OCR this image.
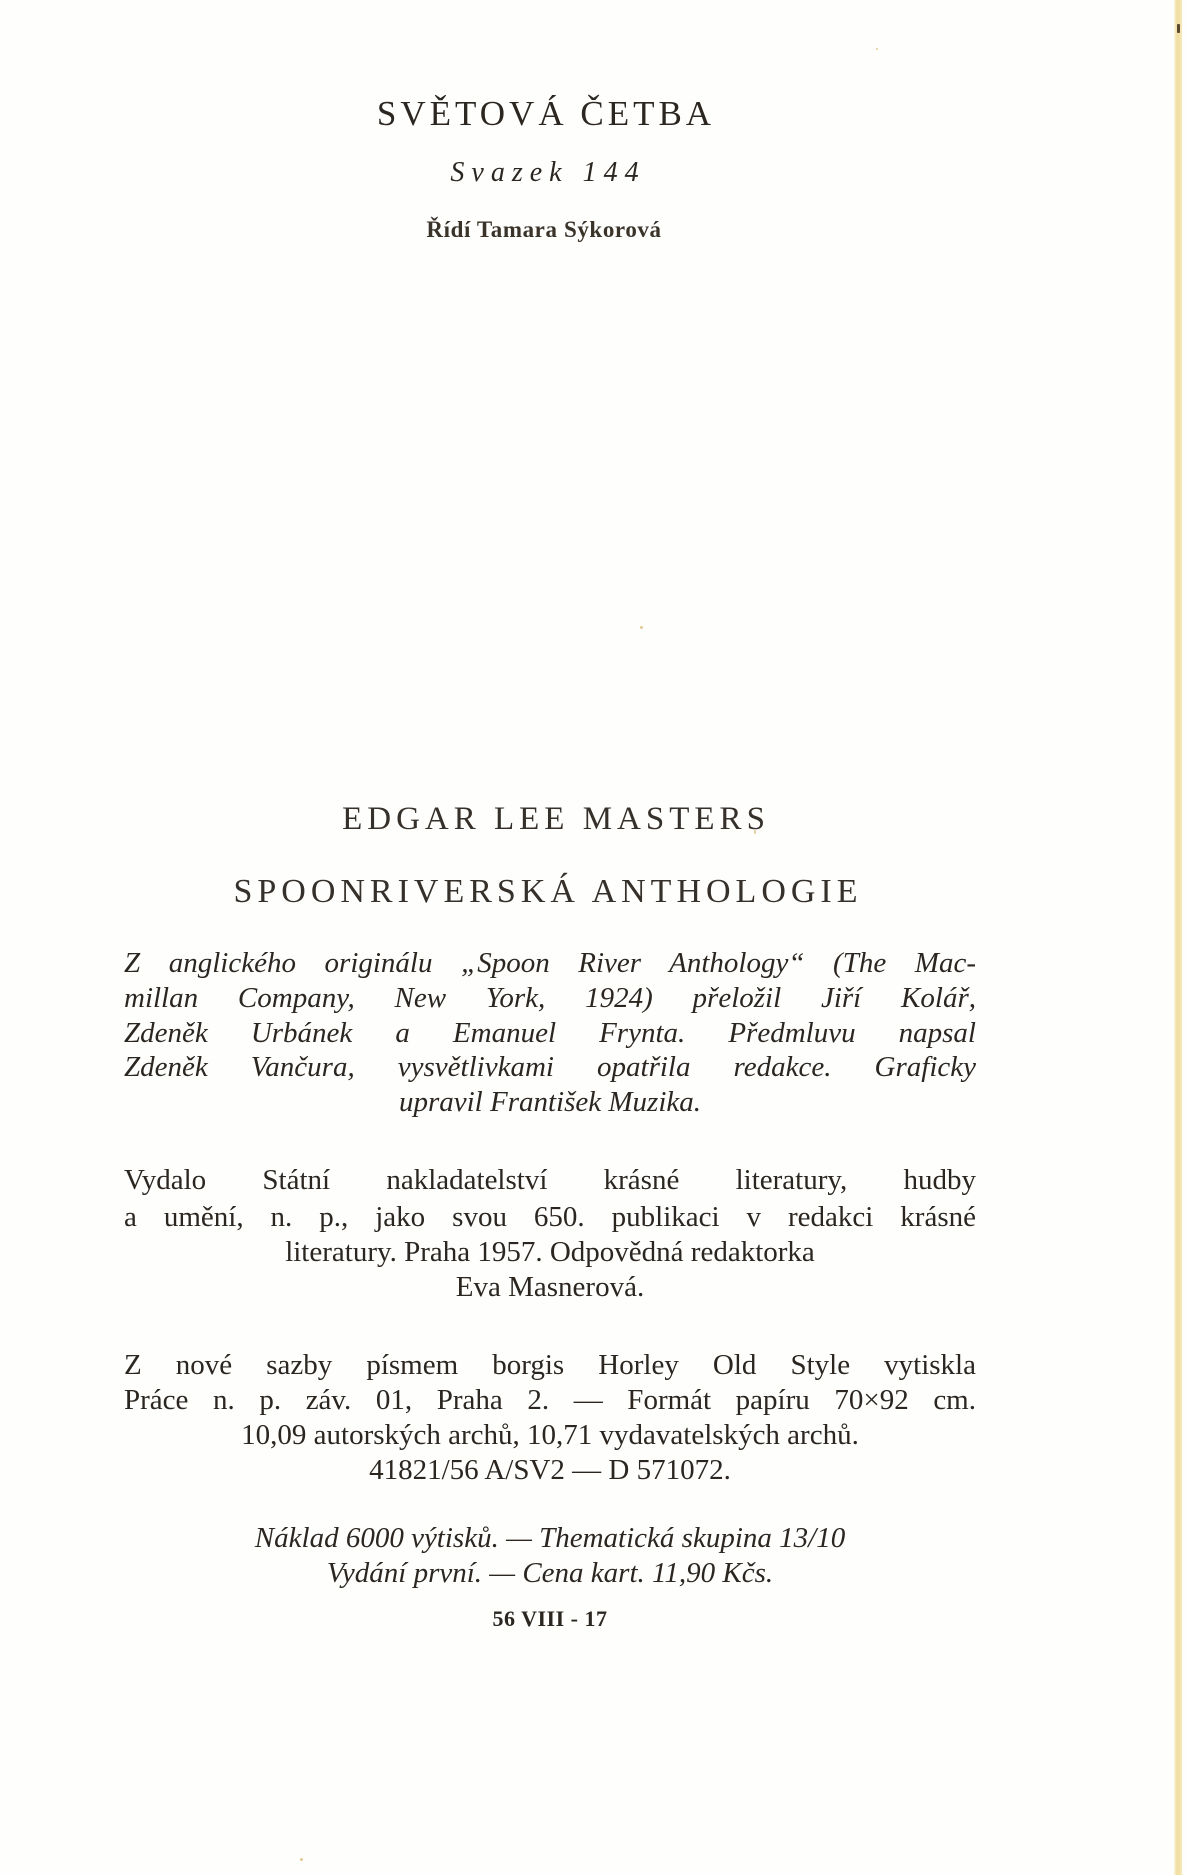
SVĚTOVÁ ČETBA
Svazek 144
Řídí Tamara Sýkorová
EDGAR LEE MASTERS
SPOONRIVERSKÁ ANTHOLOGIE
Z anglického originálu „Spoon River Anthology“ (The Mac-
millan Company, New York, 1924) přeložil Jiří Kolář,
Zdeněk Urbánek a Emanuel Frynta. Předmluvu napsal
Zdeněk Vančura, vysvětlivkami opatřila redakce. Graficky
upravil František Muzika.
Vydalo Státní nakladatelství krásné literatury, hudby
a umění, n. p., jako svou 650. publikaci v redakci krásné
literatury. Praha 1957. Odpovědná redaktorka
Eva Masnerová.
Z nové sazby písmem borgis Horley Old Style vytiskla
Práce n. p. záv. 01, Praha 2. — Formát papíru 70×92 cm.
10,09 autorských archů, 10,71 vydavatelských archů.
41821/56 A/SV2 — D 571072.
Náklad 6000 výtisků. — Thematická skupina 13/10
Vydání první. — Cena kart. 11,90 Kčs.
56 VIII - 17
